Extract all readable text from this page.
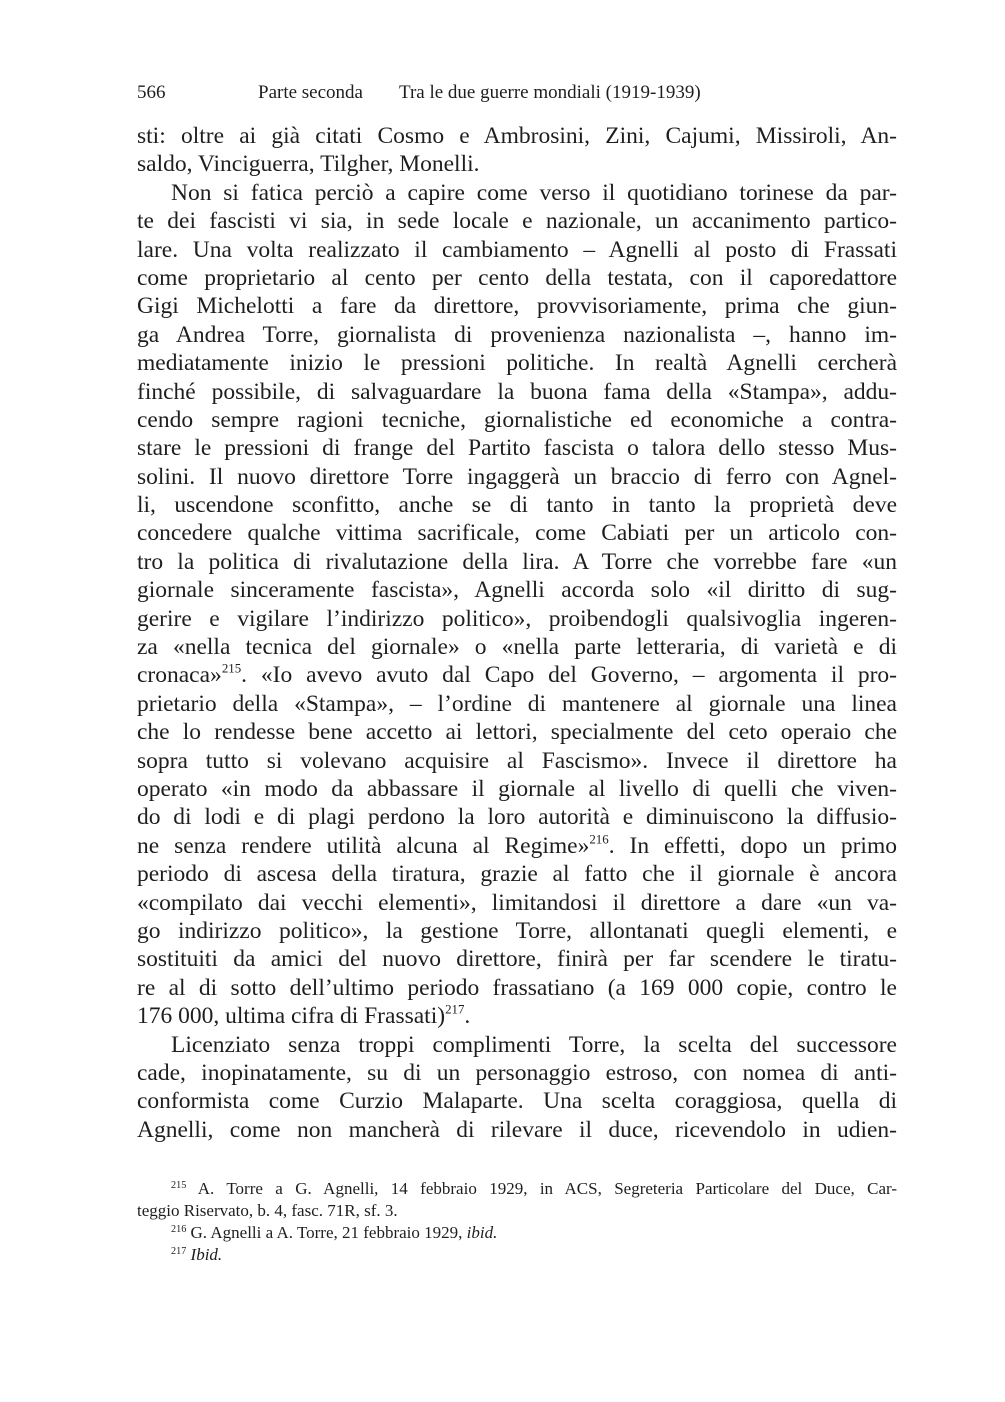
566	Parte seconda Tra le due guerre mondiali (1919-1939)
sti: oltre ai già citati Cosmo e Ambrosini, Zini, Cajumi, Missiroli, An-
saldo, Vinciguerra, Tilgher, Monelli.
Non si fatica perciò a capire come verso il quotidiano torinese da par-
te dei fascisti vi sia, in sede locale e nazionale, un accanimento partico-
lare. Una volta realizzato il cambiamento – Agnelli al posto di Frassati
come proprietario al cento per cento della testata, con il caporedattore
Gigi Michelotti a fare da direttore, provvisoriamente, prima che giun-
ga Andrea Torre, giornalista di provenienza nazionalista –, hanno im-
mediatamente inizio le pressioni politiche. In realtà Agnelli cercherà
finché possibile, di salvaguardare la buona fama della «Stampa», addu-
cendo sempre ragioni tecniche, giornalistiche ed economiche a contra-
stare le pressioni di frange del Partito fascista o talora dello stesso Mus-
solini. Il nuovo direttore Torre ingaggerà un braccio di ferro con Agnel-
li, uscendone sconfitto, anche se di tanto in tanto la proprietà deve
concedere qualche vittima sacrificale, come Cabiati per un articolo con-
tro la politica di rivalutazione della lira. A Torre che vorrebbe fare «un
giornale sinceramente fascista», Agnelli accorda solo «il diritto di sug-
gerire e vigilare l’indirizzo politico», proibendogli qualsivoglia ingeren-
za «nella tecnica del giornale» o «nella parte letteraria, di varietà e di
cronaca»$^{215}$. «Io avevo avuto dal Capo del Governo, – argomenta il pro-
prietario della «Stampa», – l’ordine di mantenere al giornale una linea
che lo rendesse bene accetto ai lettori, specialmente del ceto operaio che
sopra tutto si volevano acquisire al Fascismo». Invece il direttore ha
operato «in modo da abbassare il giornale al livello di quelli che viven-
do di lodi e di plagi perdono la loro autorità e diminuiscono la diffusio-
ne senza rendere utilità alcuna al Regime»$^{216}$. In effetti, dopo un primo
periodo di ascesa della tiratura, grazie al fatto che il giornale è ancora
«compilato dai vecchi elementi», limitandosi il direttore a dare «un va-
go indirizzo politico», la gestione Torre, allontanati quegli elementi, e
sostituiti da amici del nuovo direttore, finirà per far scendere le tiratu-
re al di sotto dell’ultimo periodo frassatiano (a 169 000 copie, contro le
176 000, ultima cifra di Frassati)$^{217}$.
Licenziato senza troppi complimenti Torre, la scelta del successore
cade, inopinatamente, su di un personaggio estroso, con nomea di anti-
conformista come Curzio Malaparte. Una scelta coraggiosa, quella di
Agnelli, come non mancherà di rilevare il duce, ricevendolo in udien-
$^{215}$ A. Torre a G. Agnelli, 14 febbraio 1929, in ACS, Segreteria Particolare del Duce, Car-
teggio Riservato, b. 4, fasc. 71R, sf. 3.
$^{216}$ G. Agnelli a A. Torre, 21 febbraio 1929, ibid.
$^{217}$ Ibid.
